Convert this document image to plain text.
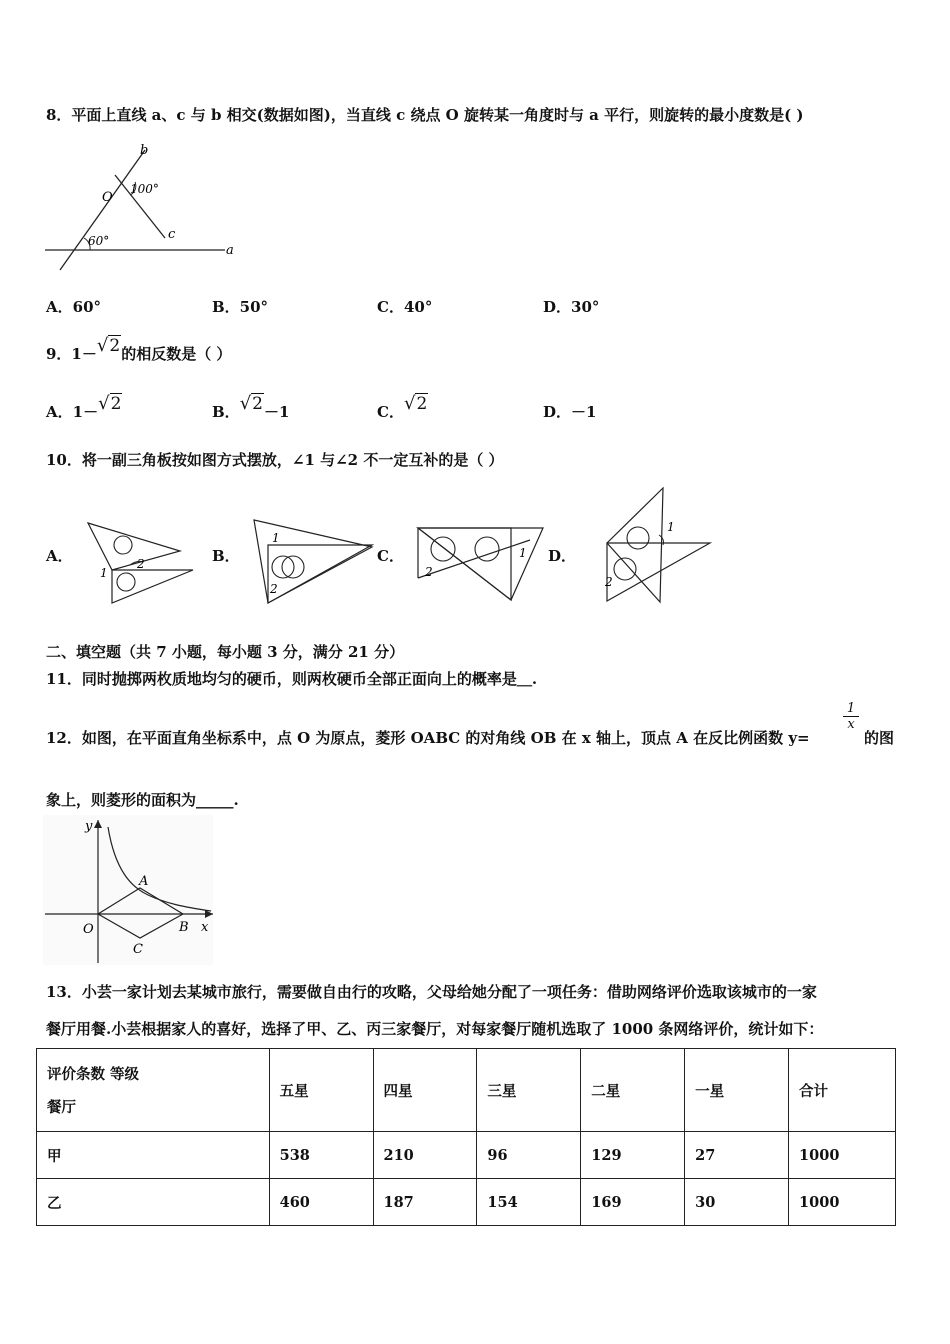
8．平面上直线 a、c 与 b 相交(数据如图)，当直线 c 绕点 O 旋转某一角度时与 a 平行，则旋转的最小度数是( )
b
O
100°
c
60°
a
A．60°	B．50°	C．40°	D．30°
9．1－√2的相反数是（ ）
A．1－√2	B．√2－1	C．√2	D．－1
10．将一副三角板按如图方式摆放，∠1 与∠2 不一定互补的是（ ）
A．	2
1
B．
1
2
C．	1
2
D．
1
2
二、填空题（共 7 小题，每小题 3 分，满分 21 分）
11．同时抛掷两枚质地均匀的硬币，则两枚硬币全部正面向上的概率是＿.
12．如图，在平面直角坐标系中，点 O 为原点，菱形 OABC 的对角线 OB 在 x 轴上，顶点 A 在反比例函数 y=
$\frac{1}{x}$
的图
象上，则菱形的面积为_____.
y
x
O
A
B
C
13．小芸一家计划去某城市旅行，需要做自由行的攻略，父母给她分配了一项任务：借助网络评价选取该城市的一家
餐厅用餐.小芸根据家人的喜好，选择了甲、乙、丙三家餐厅，对每家餐厅随机选取了 1000 条网络评价，统计如下：
评价条数 等级
餐厅	五星	四星	三星	二星	一星	合计
甲	538	210	96	129	27	1000
乙	460	187	154	169	30	1000
